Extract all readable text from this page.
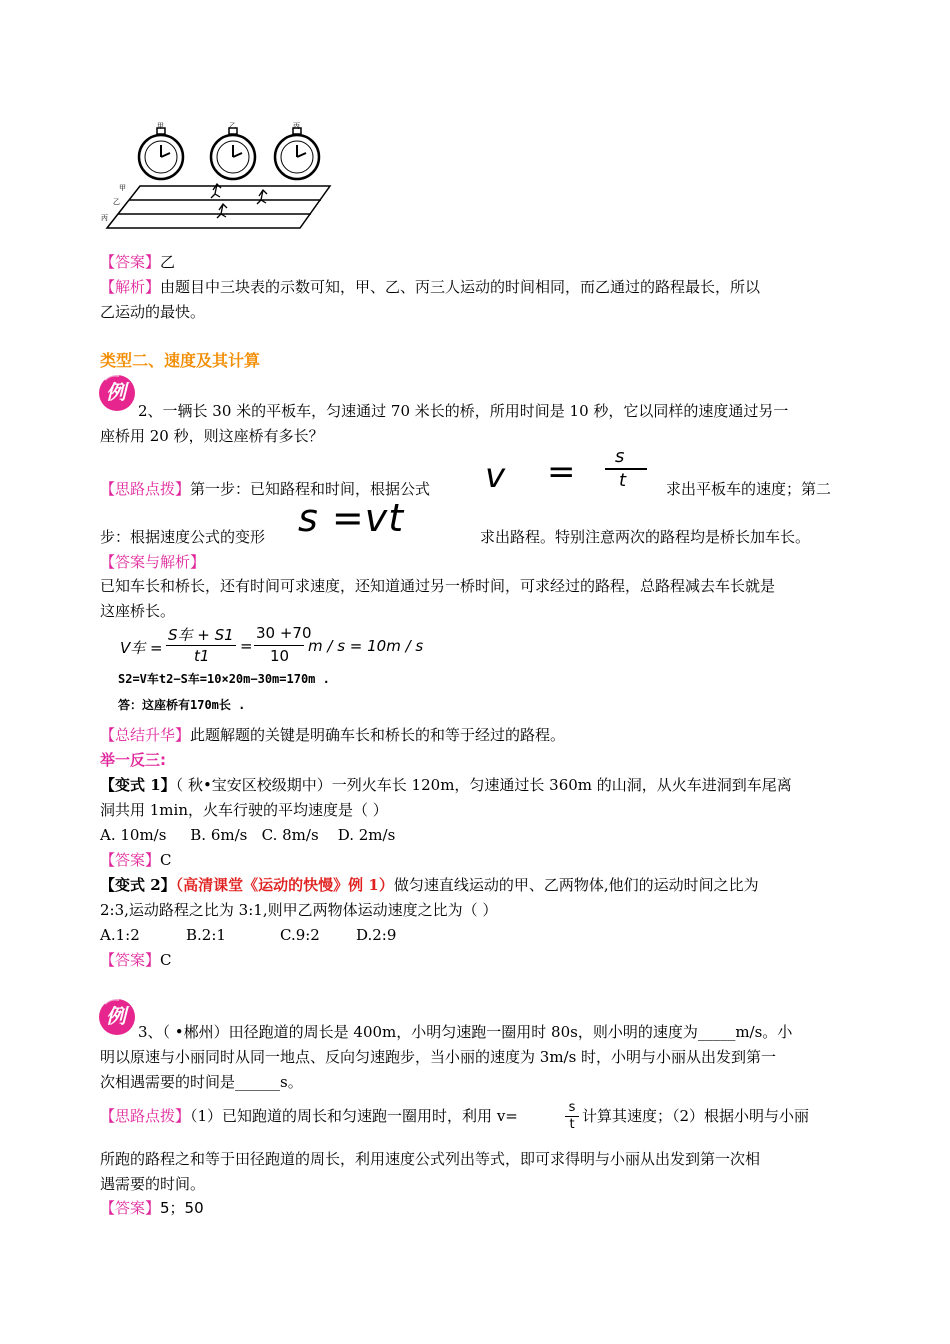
甲	乙	丙
甲
乙
丙
【答案】乙
【解析】由题目中三块表的示数可知，甲、乙、丙三人运动的时间相同，而乙通过的路程最长，所以
乙运动的最快。
类型二、速度及其计算
例
2、一辆长 30 米的平板车，匀速通过 70 米长的桥，所用时间是 10 秒，它以同样的速度通过另一
座桥用 20 秒，则这座桥有多长？
【思路点拨】第一步：已知路程和时间，根据公式 v = s
t	求出平板车的速度；第二
步：根据速度公式的变形 s =vt	求出路程。特别注意两次的路程均是桥长加车长。
【答案与解析】
已知车长和桥长，还有时间可求速度，还知道通过另一桥时间，可求经过的路程，总路程减去车长就是
这座桥长。
V车 =
S车 + S1
t1
=
30 +70
10
m / s = 10m / s
S2=V车t2−S车=10×20m−30m=170m .
答：这座桥有170m长 .
【总结升华】此题解题的关键是明确车长和桥长的和等于经过的路程。
举一反三:
【变式 1】（ 秋•宝安区校级期中）一列火车长 120m，匀速通过长 360m 的山洞，从火车进洞到车尾离
洞共用 1min，火车行驶的平均速度是（ ）
A. 10m/s     B. 6m/s   C. 8m/s    D. 2m/s
【答案】C
【变式 2】（高清课堂《运动的快慢》例 1）做匀速直线运动的甲、乙两物体,他们的运动时间之比为
2:3,运动路程之比为 3:1,则甲乙两物体运动速度之比为（ ）
A.1:2	B.2:1	C.9:2 D.2:9
【答案】C
例
3、（ •郴州）田径跑道的周长是 400m，小明匀速跑一圈用时 80s，则小明的速度为_____m/s。小
明以原速与小丽同时从同一地点、反向匀速跑步，当小丽的速度为 3m/s 时，小明与小丽从出发到第一
次相遇需要的时间是______s。
【思路点拨】（1）已知跑道的周长和匀速跑一圈用时，利用 v=	$\frac{s}{t}$ 计算其速度；（2）根据小明与小丽
所跑的路程之和等于田径跑道的周长，利用速度公式列出等式，即可求得明与小丽从出发到第一次相
遇需要的时间。
【答案】5；50
